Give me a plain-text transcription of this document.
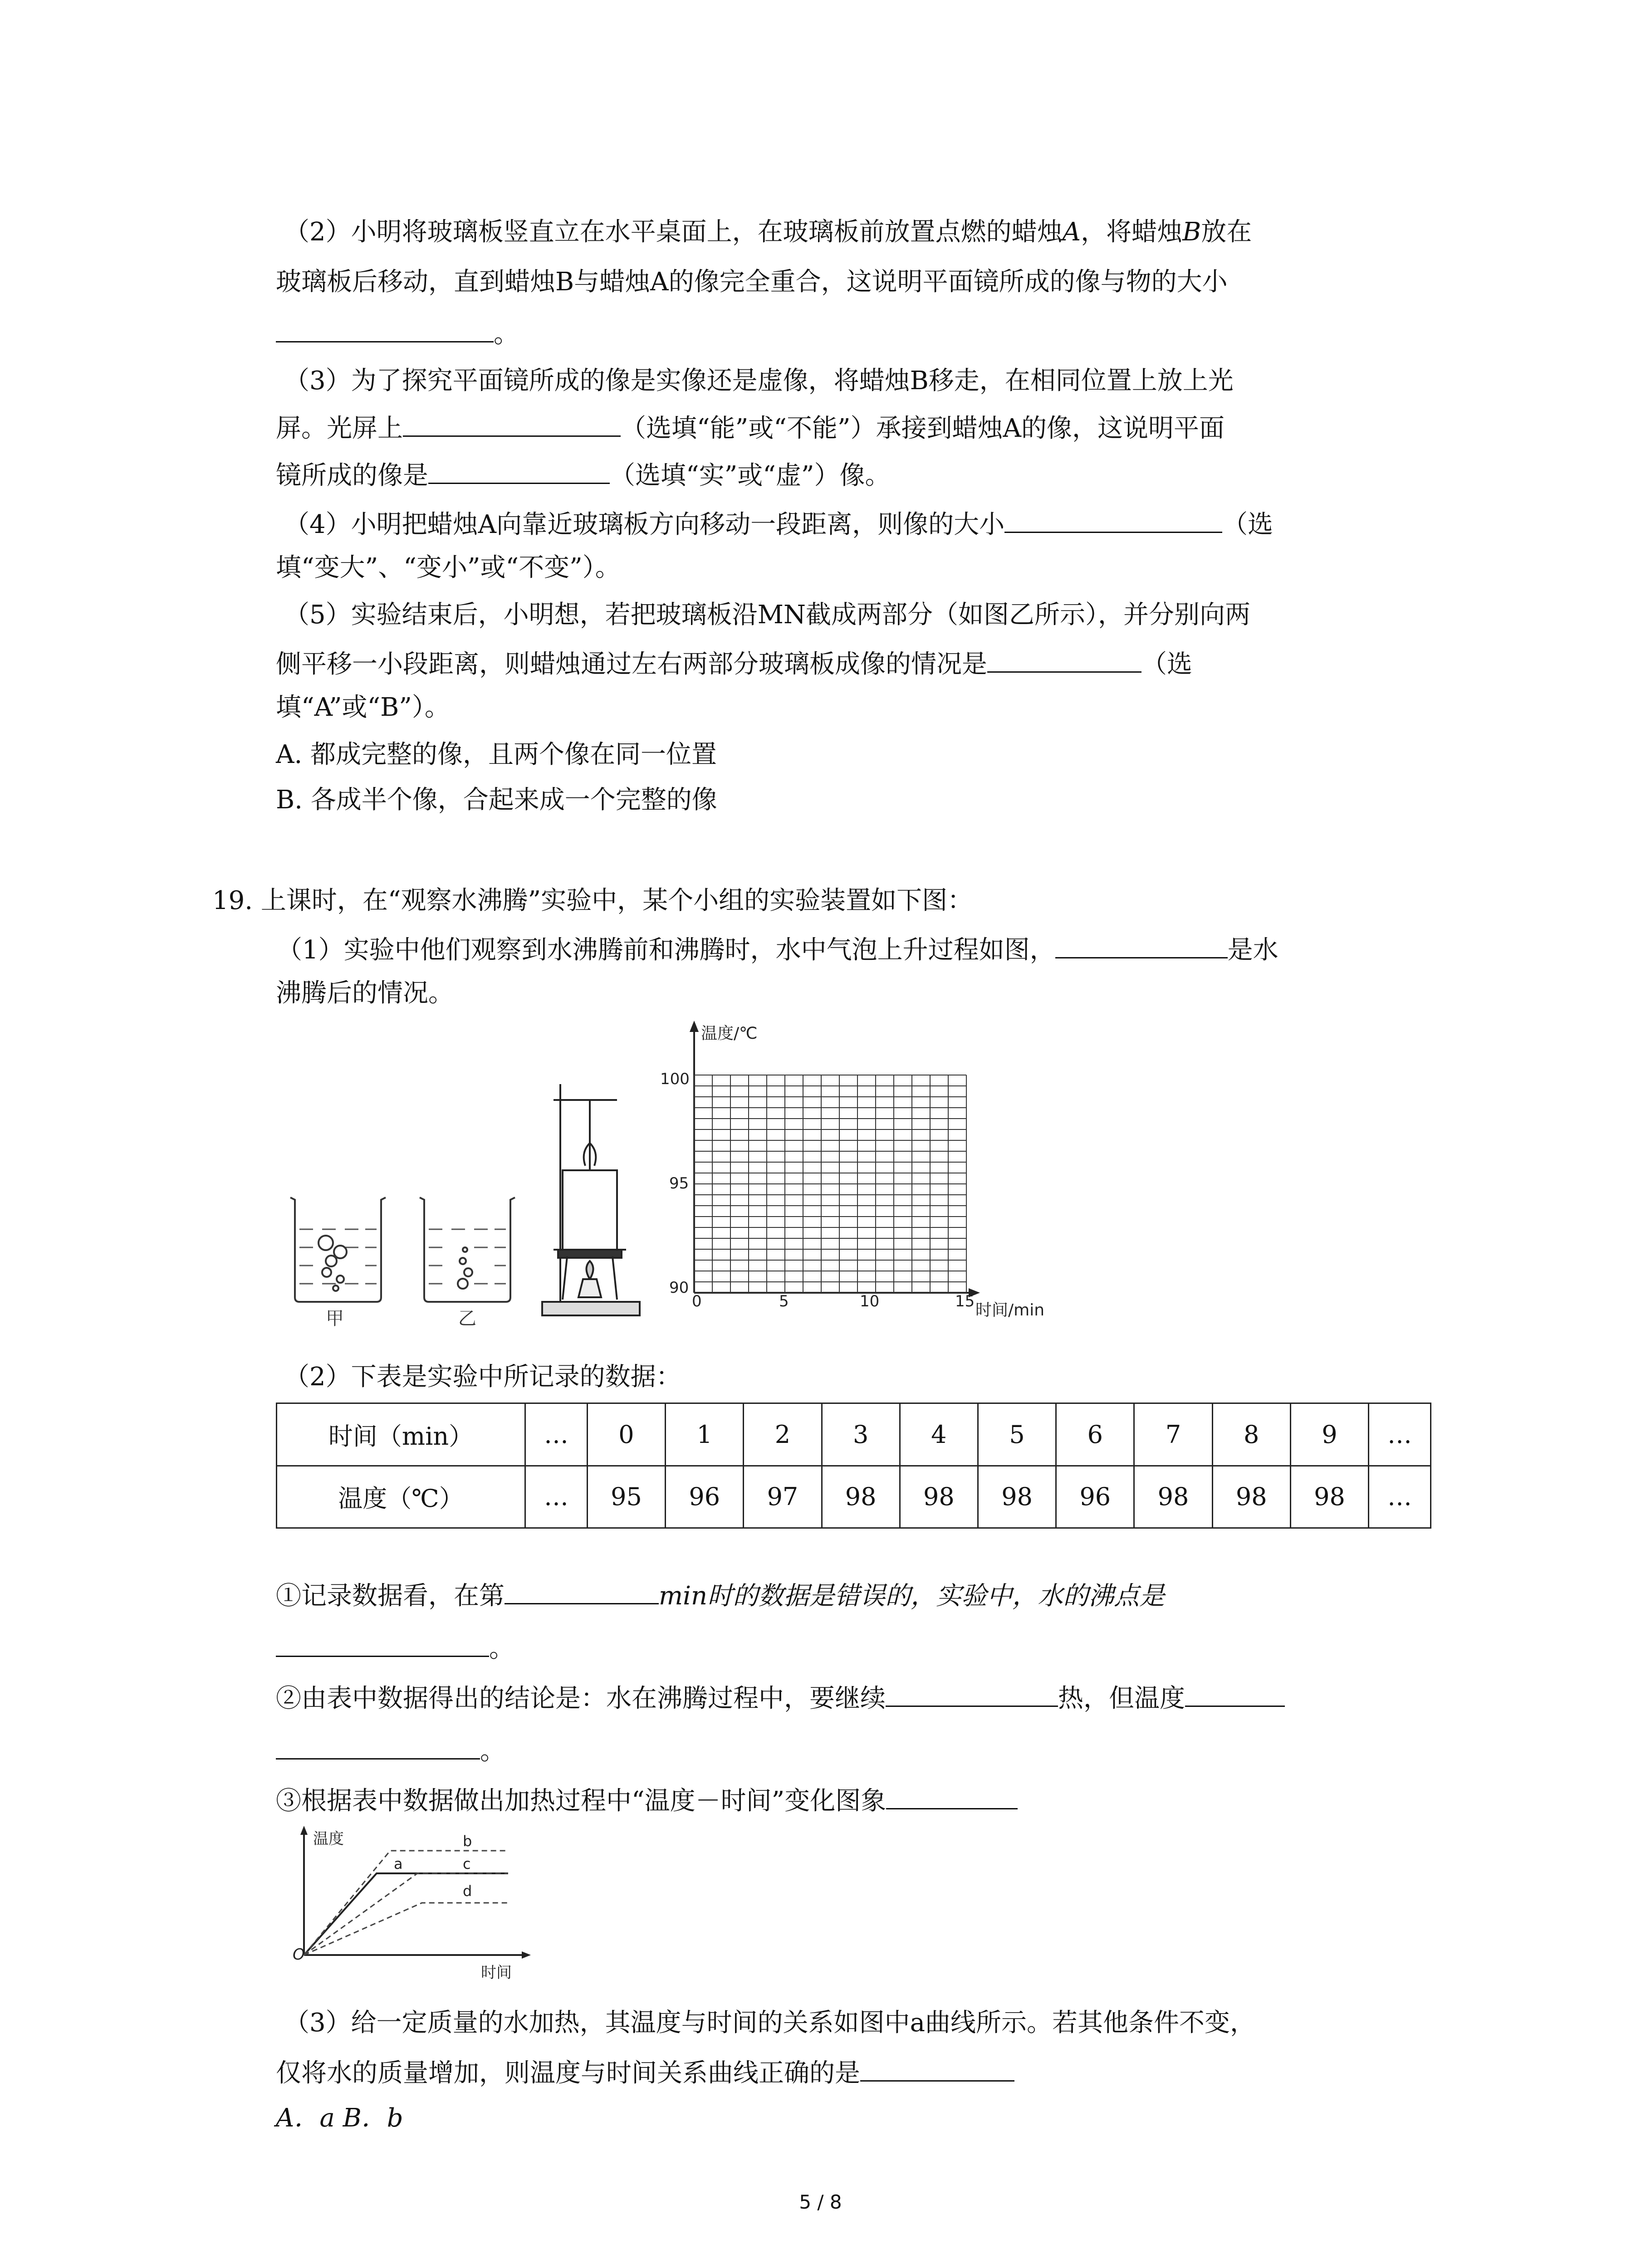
（2）小明将玻璃板竖直立在水平桌面上，在玻璃板前放置点燃的蜡烛A，将蜡烛B放在
玻璃板后移动，直到蜡烛B与蜡烛A的像完全重合，这说明平面镜所成的像与物的大小
。
（3）为了探究平面镜所成的像是实像还是虚像，将蜡烛B移走，在相同位置上放上光
屏。光屏上	（选填“能”或“不能”）承接到蜡烛A的像，这说明平面
镜所成的像是	（选填“实”或“虚”）像。
（4）小明把蜡烛A向靠近玻璃板方向移动一段距离，则像的大小	（选
填“变大”、“变小”或“不变”）。
（5）实验结束后，小明想，若把玻璃板沿MN截成两部分（如图乙所示），并分别向两
侧平移一小段距离，则蜡烛通过左右两部分玻璃板成像的情况是	（选
填“A”或“B”）。
A. 都成完整的像，且两个像在同一位置
B. 各成半个像，合起来成一个完整的像
19. 上课时，在“观察水沸腾”实验中，某个小组的实验装置如下图：
（1）实验中他们观察到水沸腾前和沸腾时，水中气泡上升过程如图，	是水
沸腾后的情况。
甲	乙
温度/℃
时间/min
100
95
90
0	5	10	15
（2）下表是实验中所记录的数据：
时间（min）	…	0	1	2	3	4	5	6	7	8	9	…
温度（℃）	…	95	96	97	98	98	98	96	98	98	98	…
①记录数据看，在第	min时的数据是错误的，实验中，水的沸点是
。
②由表中数据得出的结论是：水在沸腾过程中，要继续	热，但温度
。
③根据表中数据做出加热过程中“温度－时间”变化图象
温度
时间
O
a
b
c
d
（3）给一定质量的水加热，其温度与时间的关系如图中a曲线所示。若其他条件不变，
仅将水的质量增加，则温度与时间关系曲线正确的是
A．a B．b
5 / 8
